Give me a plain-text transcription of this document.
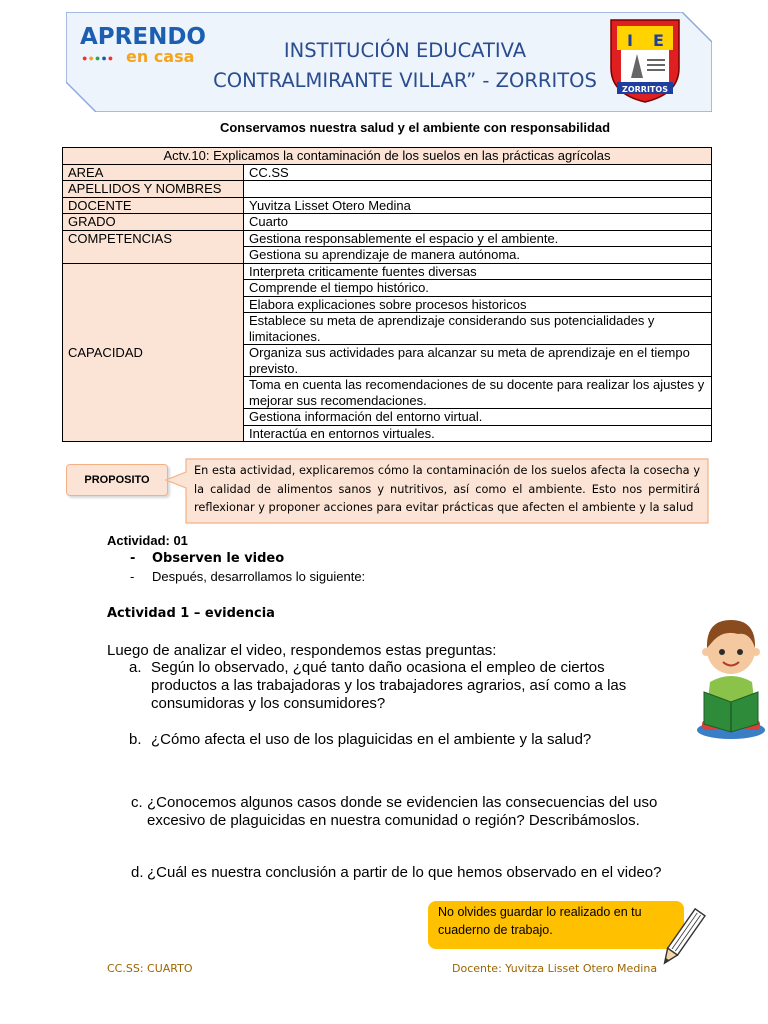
APRENDO
●●●●● en casa	INSTITUCIÓN EDUCATIVA
CONTRALMIRANTE VILLAR” - ZORRITOS
I E
ZORRITOS
Conservamos nuestra salud y el ambiente con responsabilidad
Actv.10: Explicamos la contaminación de los suelos en las prácticas agrícolas	
AREA	CC.SS
APELLIDOS Y NOMBRES	
DOCENTE	Yuvitza Lisset Otero Medina
GRADO	Cuarto
COMPETENCIAS	Gestiona responsablemente el espacio y el ambiente.
	Gestiona su aprendizaje de manera autónoma.
CAPACIDAD	Interpreta criticamente fuentes diversas
	Comprende el tiempo histórico.
	Elabora explicaciones sobre procesos historicos
	Establece su meta de aprendizaje considerando sus potencialidades y limitaciones.
	Organiza sus actividades para alcanzar su meta de aprendizaje en el tiempo previsto.
	Toma en cuenta las recomendaciones de su docente para realizar los ajustes y mejorar sus recomendaciones.
	Gestiona información del entorno virtual.
	Interactúa en entornos virtuales.
PROPOSITO
En esta actividad, explicaremos cómo la contaminación de los suelos afecta la cosecha y la calidad de alimentos sanos y nutritivos, así como el ambiente. Esto nos permitirá reflexionar y proponer acciones para evitar prácticas que afecten el ambiente y la salud
Actividad: 01
- Observen le video
- Después, desarrollamos lo siguiente:
Actividad 1 – evidencia
Luego de analizar el video, respondemos estas preguntas:
a. Según lo observado, ¿qué tanto daño ocasiona el empleo de ciertos productos a las trabajadoras y los trabajadores agrarios, así como a las consumidoras y los consumidores?
b. ¿Cómo afecta el uso de los plaguicidas en el ambiente y la salud?
c. ¿Conocemos algunos casos donde se evidencien las consecuencias del uso excesivo de plaguicidas en nuestra comunidad o región? Describámoslos.
d. ¿Cuál es nuestra conclusión a partir de lo que hemos observado en el video?
No olvides guardar lo realizado en tu cuaderno de trabajo.
CC.SS: CUARTO	Docente: Yuvitza Lisset Otero Medina
